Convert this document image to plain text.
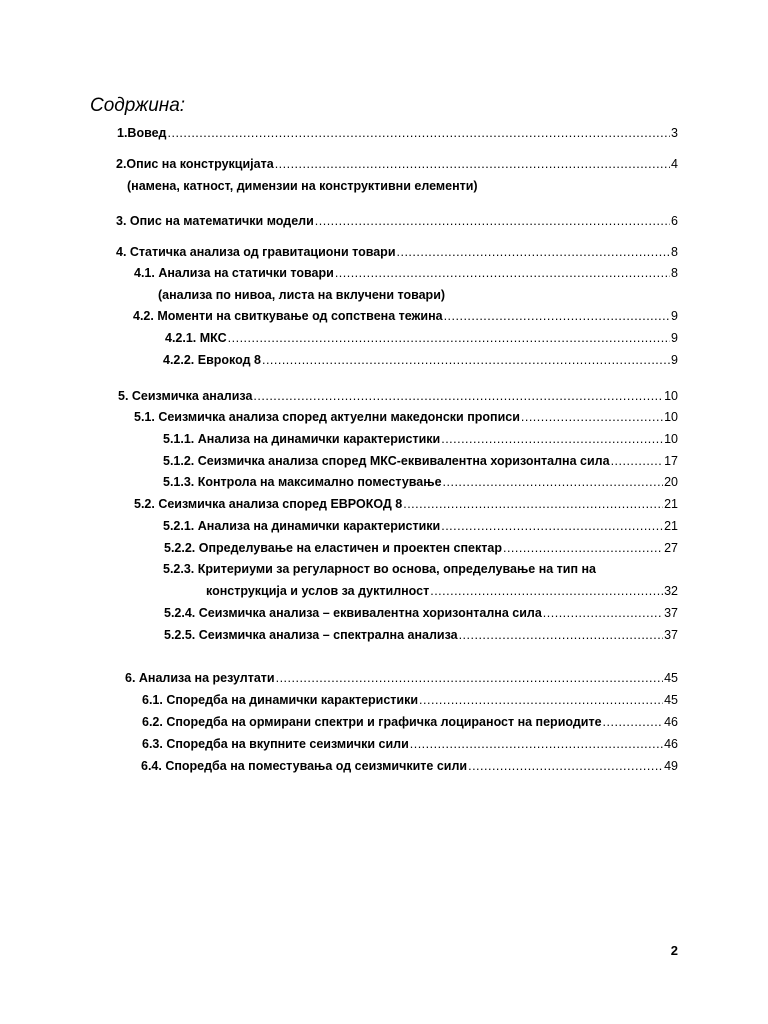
Содржина:
1.Вовед .....	3
2.Опис на конструкцијата .....	4
(намена, катност, димензии на конструктивни елементи)
3. Опис на математички модели .....	6
4. Статичка анализа од гравитациони товари .....	8
4.1. Анализа на статички товари .....	8
(анализа по нивоа, листа на вклучени товари)
4.2. Моменти на свиткување од сопствена тежина .....	9
4.2.1. МКС .....	9
4.2.2. Еврокод 8 .....	9
5. Сеизмичка анализа .....	10
5.1. Сеизмичка анализа според актуелни македонски прописи .....	10
5.1.1. Анализа на динамички карактеристики .....	10
5.1.2. Сеизмичка анализа според МКС-еквивалентна хоризонтална сила .....	17
5.1.3. Контрола на максимално поместување .....	20
5.2. Сеизмичка анализа според ЕВРОКОД 8 .....	21
5.2.1. Анализа на динамички карактеристики .....	21
5.2.2. Определување на еластичен и проектен спектар .....	27
5.2.3. Критериуми за регуларност во основа, определување на тип на
конструкција и услов за дуктилност .....	32
5.2.4. Сеизмичка анализа – еквивалентна хоризонтална сила .....	37
5.2.5. Сеизмичка анализа – спектрална анализа .....	37
6. Анализа на резултати .....	45
6.1. Споредба на динамички карактеристики .....	45
6.2. Споредба на ормирани спектри и графичка лоцираност на периодите .....	46
6.3. Споредба на вкупните сеизмички сили .....	46
6.4. Споредба на поместувања од сеизмичките сили .....	49
2
